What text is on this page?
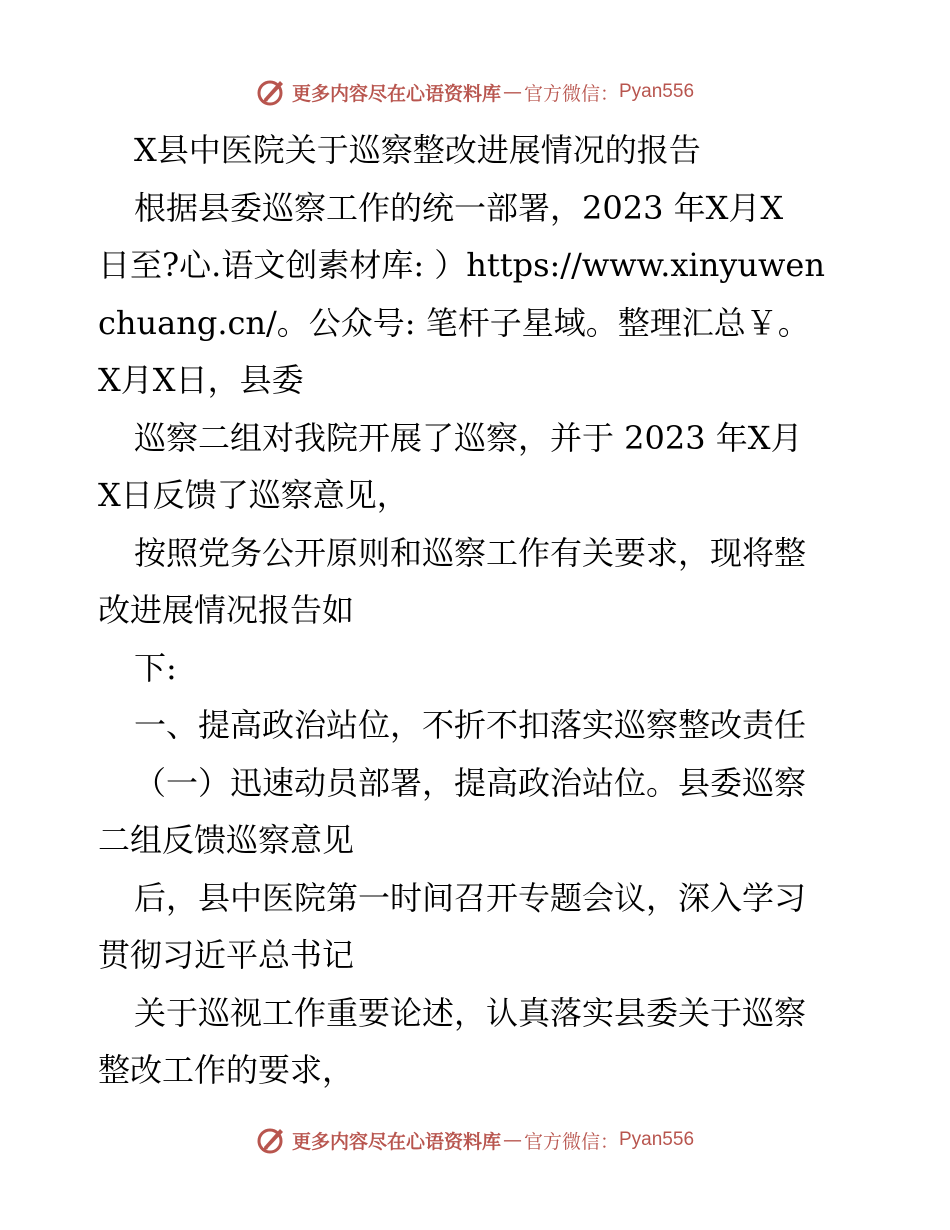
更多内容尽在心语资料库 — 官方微信： Pyan556
X县中医院关于巡察整改进展情况的报告
根据县委巡察工作的统一部署，2023 年X月X
日至?心.语文创素材库: ）https://www.xinyuwen
chuang.cn/。公众号: 笔杆子星域。整理汇总￥。
X月X日，县委
巡察二组对我院开展了巡察，并于 2023 年X月
X日反馈了巡察意见，
按照党务公开原则和巡察工作有关要求，现将整
改进展情况报告如
下:
一、提高政治站位，不折不扣落实巡察整改责任
（一）迅速动员部署，提高政治站位。县委巡察
二组反馈巡察意见
后，县中医院第一时间召开专题会议，深入学习
贯彻习近平总书记
关于巡视工作重要论述，认真落实县委关于巡察
整改工作的要求，
更多内容尽在心语资料库 — 官方微信： Pyan556
